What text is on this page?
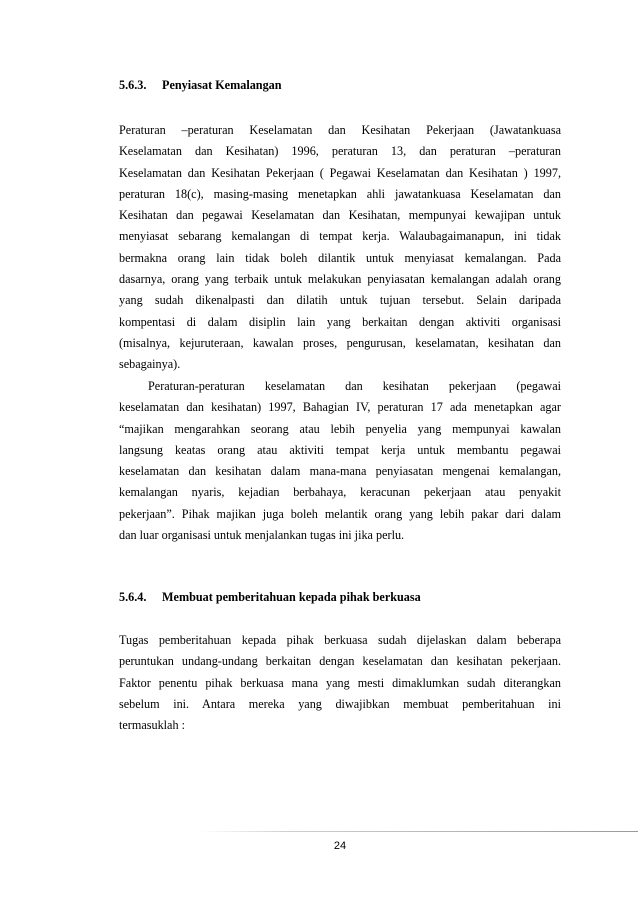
5.6.3. Penyiasat Kemalangan
Peraturan –peraturan Keselamatan dan Kesihatan Pekerjaan (Jawatankuasa
Keselamatan dan Kesihatan) 1996, peraturan 13, dan peraturan –peraturan
Keselamatan dan Kesihatan Pekerjaan ( Pegawai Keselamatan dan Kesihatan ) 1997,
peraturan 18(c), masing-masing menetapkan ahli jawatankuasa Keselamatan dan
Kesihatan dan pegawai Keselamatan dan Kesihatan, mempunyai kewajipan untuk
menyiasat sebarang kemalangan di tempat kerja. Walaubagaimanapun, ini tidak
bermakna orang lain tidak boleh dilantik untuk menyiasat kemalangan. Pada
dasarnya, orang yang terbaik untuk melakukan penyiasatan kemalangan adalah orang
yang sudah dikenalpasti dan dilatih untuk tujuan tersebut. Selain daripada
kompentasi di dalam disiplin lain yang berkaitan dengan aktiviti organisasi
(misalnya, kejuruteraan, kawalan proses, pengurusan, keselamatan, kesihatan dan
sebagainya).
Peraturan-peraturan keselamatan dan kesihatan pekerjaan (pegawai
keselamatan dan kesihatan) 1997, Bahagian IV, peraturan 17 ada menetapkan agar
“majikan mengarahkan seorang atau lebih penyelia yang mempunyai kawalan
langsung keatas orang atau aktiviti tempat kerja untuk membantu pegawai
keselamatan dan kesihatan dalam mana-mana penyiasatan mengenai kemalangan,
kemalangan nyaris, kejadian berbahaya, keracunan pekerjaan atau penyakit
pekerjaan”. Pihak majikan juga boleh melantik orang yang lebih pakar dari dalam
dan luar organisasi untuk menjalankan tugas ini jika perlu.
5.6.4. Membuat pemberitahuan kepada pihak berkuasa
Tugas pemberitahuan kepada pihak berkuasa sudah dijelaskan dalam beberapa
peruntukan undang-undang berkaitan dengan keselamatan dan kesihatan pekerjaan.
Faktor penentu pihak berkuasa mana yang mesti dimaklumkan sudah diterangkan
sebelum ini. Antara mereka yang diwajibkan membuat pemberitahuan ini
termasuklah :
24
